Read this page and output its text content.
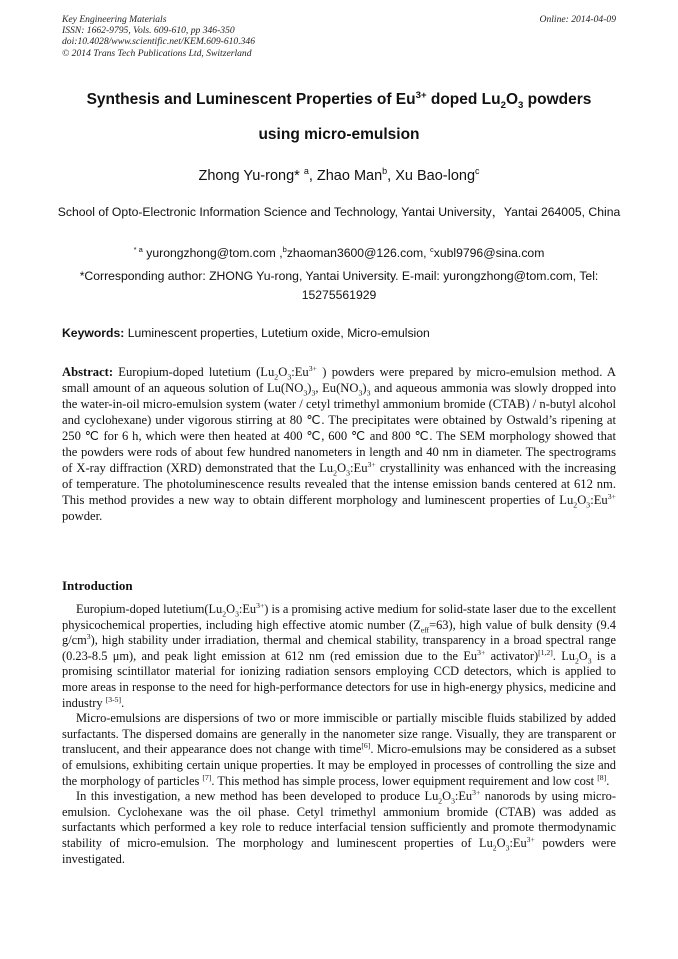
Key Engineering Materials
ISSN: 1662-9795, Vols. 609-610, pp 346-350
doi:10.4028/www.scientific.net/KEM.609-610.346
© 2014 Trans Tech Publications Ltd, Switzerland
Online: 2014-04-09
Synthesis and Luminescent Properties of $Eu^{3+}$ doped $Lu_2O_3$ powders
using micro-emulsion
Zhong Yu-rong* $^a$, Zhao Man$^b$, Xu Bao-long$^c$
School of Opto-Electronic Information Science and Technology, Yantai University，Yantai 264005, China
$^{* a}$ yurongzhong@tom.com ,$^b$zhaoman3600@126.com, $^c$xubl9796@sina.com
*Corresponding author: ZHONG Yu-rong, Yantai University. E-mail: yurongzhong@tom.com, Tel: 15275561929
Keywords: Luminescent properties, Lutetium oxide, Micro-emulsion

Abstract: Europium-doped lutetium ($Lu_2O_3:Eu^{3+}$ ) powders were prepared by micro-emulsion method. A small amount of an aqueous solution of $Lu(NO_3)_3$, $Eu(NO_3)_3$ and aqueous ammonia was slowly dropped into the water-in-oil micro-emulsion system (water / cetyl trimethyl ammonium bromide (CTAB) / n-butyl alcohol and cyclohexane) under vigorous stirring at 80 ℃. The precipitates were obtained by Ostwald’s ripening at 250 ℃ for 6 h, which were then heated at 400 ℃, 600 ℃ and 800 ℃. The SEM morphology showed that the powders were rods of about few hundred nanometers in length and 40 nm in diameter. The spectrograms of X-ray diffraction (XRD) demonstrated that the $Lu_2O_3:Eu^{3+}$ crystallinity was enhanced with the increasing of temperature. The photoluminescence results revealed that the intense emission bands centered at 612 nm. This method provides a new way to obtain different morphology and luminescent properties of $Lu_2O_3:Eu^{3+}$ powder.

Introduction

Europium-doped $lutetium(Lu_2O_3:Eu^{3+})$ is a promising active medium for solid-state laser due to the excellent physicochemical properties, including high effective atomic number $(Z_{eff}=63)$, high value of bulk density (9.4 $g/cm^3$), high stability under irradiation, thermal and chemical stability, transparency in a broad spectral range (0.23-8.5 μm), and peak light emission at 612 nm (red emission due to the $Eu^{3+}$ activator)[1,2]. $Lu_2O_3$ is a promising scintillator material for ionizing radiation sensors employing CCD detectors, which is applied to more areas in response to the need for high-performance detectors for use in high-energy physics, medicine and industry [3-5].

Micro-emulsions are dispersions of two or more immiscible or partially miscible fluids stabilized by added surfactants. The dispersed domains are generally in the nanometer size range. Visually, they are transparent or translucent, and their appearance does not change with time[6]. Micro-emulsions may be considered as a subset of emulsions, exhibiting certain unique properties. It may be employed in processes of controlling the size and the morphology of particles [7]. This method has simple process, lower equipment requirement and low cost [8].

In this investigation, a new method has been developed to produce $Lu_2O_3:Eu^{3+}$ nanorods by using micro-emulsion. Cyclohexane was the oil phase. Cetyl trimethyl ammonium bromide (CTAB) was added as surfactants which performed a key role to reduce interfacial tension sufficiently and promote thermodynamic stability of micro-emulsion. The morphology and luminescent properties of $Lu_2O_3:Eu^{3+}$ powders were investigated.
